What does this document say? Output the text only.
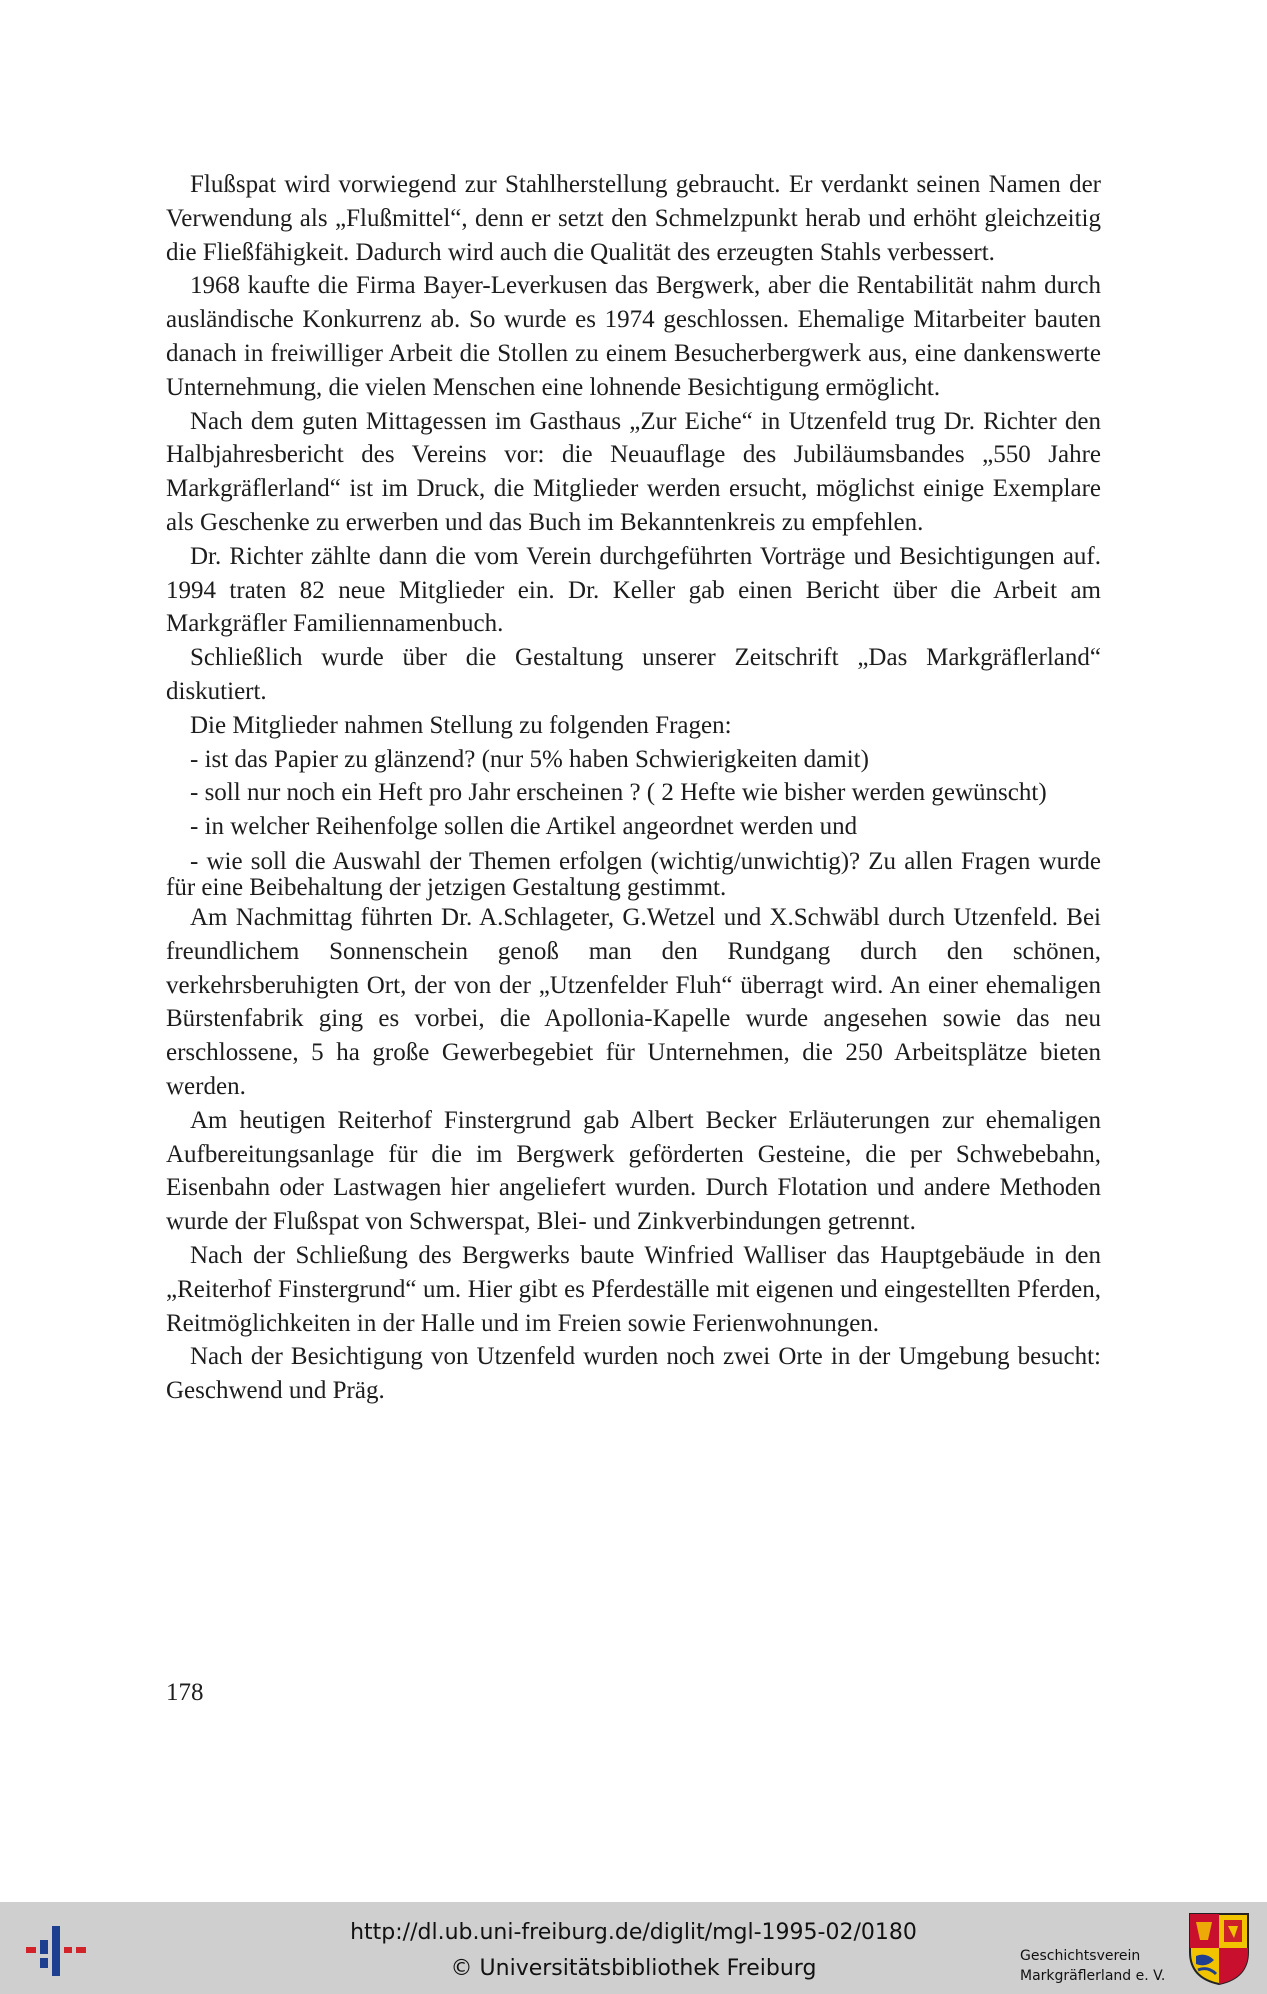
Flußspat wird vorwiegend zur Stahlherstellung gebraucht. Er verdankt seinen Namen der Verwendung als „Flußmittel“, denn er setzt den Schmelzpunkt herab und erhöht gleichzeitig die Fließfähigkeit. Dadurch wird auch die Qualität des erzeugten Stahls verbessert.

1968 kaufte die Firma Bayer-Leverkusen das Bergwerk, aber die Rentabilität nahm durch ausländische Konkurrenz ab. So wurde es 1974 geschlossen. Ehemalige Mitarbeiter bauten danach in freiwilliger Arbeit die Stollen zu einem Besucherbergwerk aus, eine dankenswerte Unternehmung, die vielen Menschen eine lohnende Besichtigung ermöglicht.

Nach dem guten Mittagessen im Gasthaus „Zur Eiche“ in Utzenfeld trug Dr. Richter den Halbjahresbericht des Vereins vor: die Neuauflage des Jubiläumsbandes „550 Jahre Markgräflerland“ ist im Druck, die Mitglieder werden ersucht, möglichst einige Exemplare als Geschenke zu erwerben und das Buch im Bekanntenkreis zu empfehlen.

Dr. Richter zählte dann die vom Verein durchgeführten Vorträge und Besichtigungen auf. 1994 traten 82 neue Mitglieder ein. Dr. Keller gab einen Bericht über die Arbeit am Markgräfler Familiennamenbuch.

Schließlich wurde über die Gestaltung unserer Zeitschrift „Das Markgräflerland“ diskutiert.

Die Mitglieder nahmen Stellung zu folgenden Fragen:

- ist das Papier zu glänzend? (nur 5% haben Schwierigkeiten damit)

- soll nur noch ein Heft pro Jahr erscheinen ? ( 2 Hefte wie bisher werden gewünscht)

- in welcher Reihenfolge sollen die Artikel angeordnet werden und

- wie soll die Auswahl der Themen erfolgen (wichtig/unwichtig)? Zu allen Fragen wurde für eine Beibehaltung der jetzigen Gestaltung gestimmt.

Am Nachmittag führten Dr. A.Schlageter, G.Wetzel und X.Schwäbl durch Utzenfeld. Bei freundlichem Sonnenschein genoß man den Rundgang durch den schönen, verkehrsberuhigten Ort, der von der „Utzenfelder Fluh“ überragt wird. An einer ehemaligen Bürstenfabrik ging es vorbei, die Apollonia-Kapelle wurde angesehen sowie das neu erschlossene, 5 ha große Gewerbegebiet für Unternehmen, die 250 Arbeitsplätze bieten werden.

Am heutigen Reiterhof Finstergrund gab Albert Becker Erläuterungen zur ehemaligen Aufbereitungsanlage für die im Bergwerk geförderten Gesteine, die per Schwebebahn, Eisenbahn oder Lastwagen hier angeliefert wurden. Durch Flotation und andere Methoden wurde der Flußspat von Schwerspat, Blei- und Zinkverbindungen getrennt.

Nach der Schließung des Bergwerks baute Winfried Walliser das Hauptgebäude in den „Reiterhof Finstergrund“ um. Hier gibt es Pferdeställe mit eigenen und eingestellten Pferden, Reitmöglichkeiten in der Halle und im Freien sowie Ferienwohnungen.

Nach der Besichtigung von Utzenfeld wurden noch zwei Orte in der Umgebung besucht: Geschwend und Präg.

178
http://dl.ub.uni-freiburg.de/diglit/mgl-1995-02/0180
© Universitätsbibliothek Freiburg	Geschichtsverein
Markgräflerland e. V.
